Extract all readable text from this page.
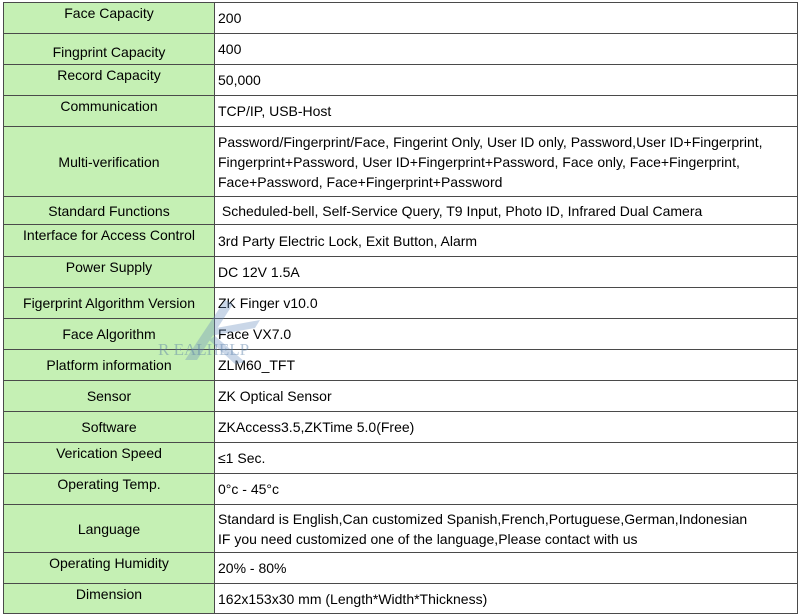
Face Capacity	200

Fingprint Capacity	400

Record Capacity	50,000

Communication	TCP/IP, USB-Host

Multi-verification	Password/Fingerprint/Face, Fingerint Only, User ID only, Password,User ID+Fingerprint,
Fingerprint+Password, User ID+Fingerprint+Password, Face only, Face+Fingerprint,
Face+Password, Face+Fingerprint+Password

Standard Functions	Scheduled-bell, Self-Service Query, T9 Input, Photo ID, Infrared Dual Camera

Interface for Access Control	3rd Party Electric Lock, Exit Button, Alarm

Power Supply	DC 12V 1.5A

Figerprint Algorithm Version	ZK Finger v10.0

Face Algorithm	Face VX7.0

Platform information	ZLM60_TFT

Sensor	ZK Optical Sensor

Software	ZKAccess3.5,ZKTime 5.0(Free)

Verication Speed	≤1 Sec.

Operating Temp.	0°c - 45°c

Language	Standard is English,Can customized Spanish,French,Portuguese,German,Indonesian
IF you need customized one of the language,Please contact with us

Operating Humidity	20% - 80%

Dimension	162x153x30 mm (Length*Width*Thickness)
R EALHELP
